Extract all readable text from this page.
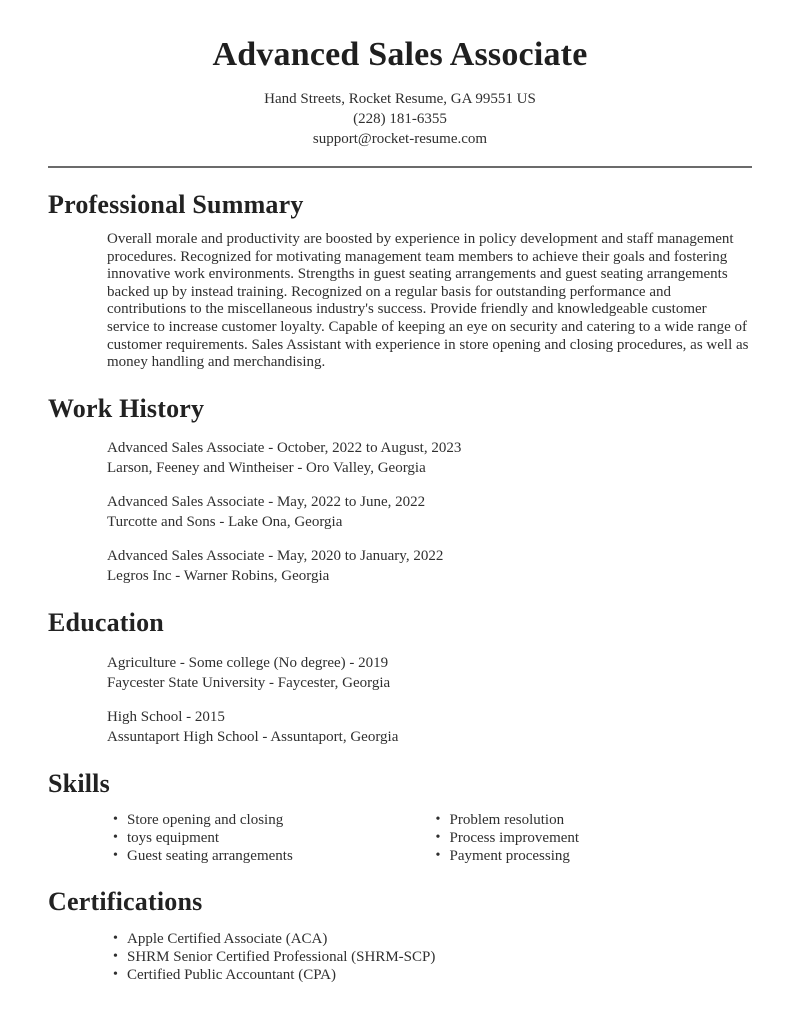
Advanced Sales Associate
Hand Streets, Rocket Resume, GA 99551 US
(228) 181-6355
support@rocket-resume.com
Professional Summary

Overall morale and productivity are boosted by experience in policy development and staff management procedures. Recognized for motivating management team members to achieve their goals and fostering innovative work environments. Strengths in guest seating arrangements and guest seating arrangements backed up by instead training. Recognized on a regular basis for outstanding performance and contributions to the miscellaneous industry's success. Provide friendly and knowledgeable customer service to increase customer loyalty. Capable of keeping an eye on security and catering to a wide range of customer requirements. Sales Assistant with experience in store opening and closing procedures, as well as money handling and merchandising.

Work History
Advanced Sales Associate - October, 2022 to August, 2023
Larson, Feeney and Wintheiser - Oro Valley, Georgia
Advanced Sales Associate - May, 2022 to June, 2022
Turcotte and Sons - Lake Ona, Georgia
Advanced Sales Associate - May, 2020 to January, 2022
Legros Inc - Warner Robins, Georgia
Education
Agriculture - Some college (No degree) - 2019
Faycester State University - Faycester, Georgia
High School - 2015
Assuntaport High School - Assuntaport, Georgia
Skills
• Store opening and closing
• toys equipment
• Guest seating arrangements
• Problem resolution
• Process improvement
• Payment processing
Certifications
• Apple Certified Associate (ACA)
• SHRM Senior Certified Professional (SHRM-SCP)
• Certified Public Accountant (CPA)
